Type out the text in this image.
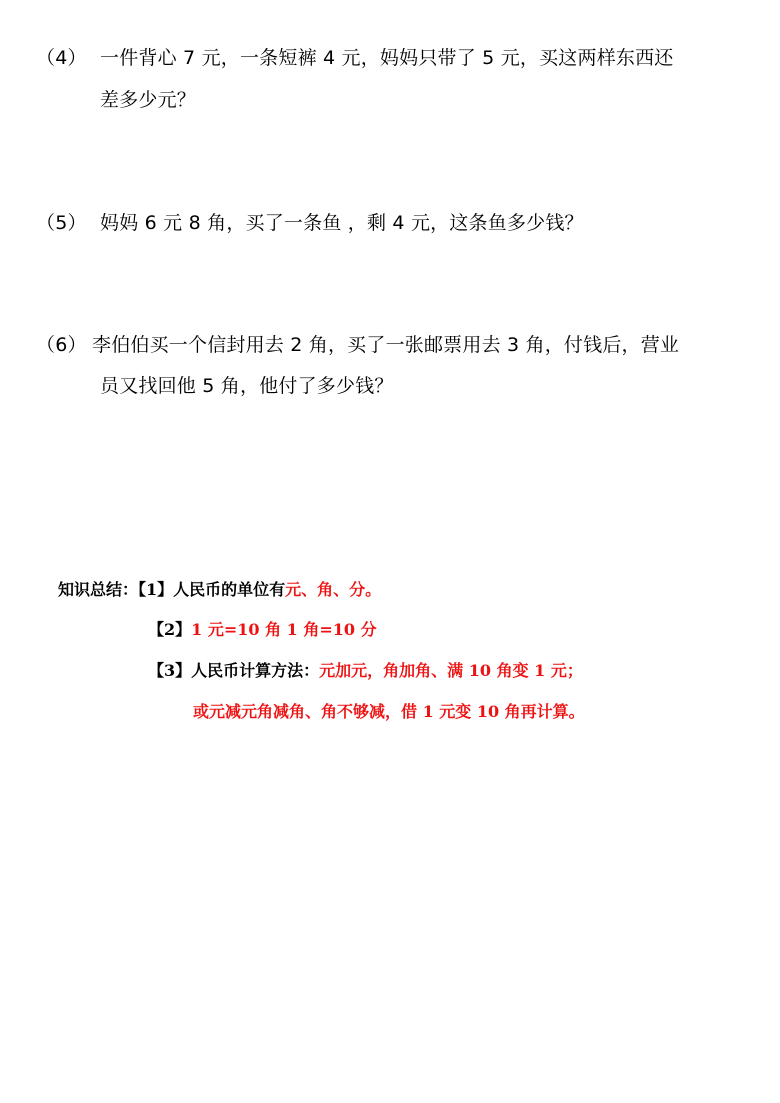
（4） 一件背心 7 元，一条短裤 4 元，妈妈只带了 5 元，买这两样东西还
差多少元？
（5） 妈妈 6 元 8 角，买了一条鱼 ，剩 4 元，这条鱼多少钱？
（6） 李伯伯买一个信封用去 2 角，买了一张邮票用去 3 角，付钱后，营业
员又找回他 5 角，他付了多少钱？
知识总结：【1】人民币的单位有元、角、分。
【2】1 元=10 角 1 角=10 分
【3】人民币计算方法：元加元，角加角、满 10 角变 1 元；
或元减元角减角、角不够减，借 1 元变 10 角再计算。
